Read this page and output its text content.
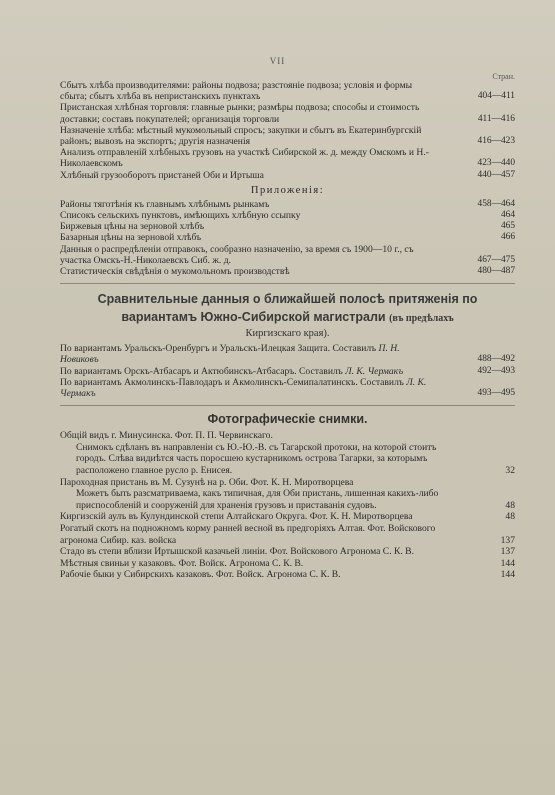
VII
Стран.
Сбытъ хлѣба производителями: районы подвоза; разстояніе подвоза; условія и формы сбыта; сбытъ хлѣба въ непристанскихъ пунктахъ	404—411
Пристанская хлѣбная торговля: главные рынки; размѣры подвоза; способы и стоимость доставки; составъ покупателей; организація торговли	411—416
Назначеніе хлѣба: мѣстный мукомольный спросъ; закупки и сбытъ въ Екатеринбургскій районъ; вывозъ на экспортъ; другія назначенія	416—423
Анализъ отправленій хлѣбныхъ грузовъ на участкѣ Сибирской ж. д. между Омскомъ и Н.-Николаевскомъ	423—440
Хлѣбный грузооборотъ пристаней Оби и Иртыша	440—457
Приложенія:
Районы тяготѣнія къ главнымъ хлѣбнымъ рынкамъ	458—464
Списокъ сельскихъ пунктовъ, имѣющихъ хлѣбную ссыпку	464
Биржевыя цѣны на зерновой хлѣбъ	465
Базарныя цѣны на зерновой хлѣбъ	466
Данныя о распредѣленіи отправокъ, сообразно назначенію, за время съ 1900—10 г., съ участка Омскъ-Н.-Николаевскъ Сиб. ж. д.	467—475
Статистическія свѣдѣнія о мукомольномъ производствѣ	480—487
Сравнительные данныя о ближайшей полосѣ притяженія по вариантамъ Южно-Сибирской магистрали (въ предѣлахъ
Киргизскаго края).
По вариантамъ Уральскъ-Оренбургъ и Уральскъ-Илецкая Защита. Составилъ П. Н. Новиковъ	488—492
По вариантамъ Орскъ-Атбасаръ и Актюбинскъ-Атбасаръ. Составилъ Л. К. Чермакъ	492—493
По вариантамъ Акмолинскъ-Павлодаръ и Акмолинскъ-Семипалатинскъ. Составилъ Л. К. Чермакъ	493—495
Фотографическіе снимки.
Общій видъ г. Минусинска. Фот. П. П. Червинскаго.
Снимокъ сдѣланъ въ направленіи съ Ю.-Ю.-В. съ Тагарской протоки, на которой стоитъ городъ. Слѣва видиѣтся часть поросшею кустарникомъ острова Тагарки, за которымъ расположено главное русло р. Енисея.	32
Пароходная пристань въ М. Сузунѣ на р. Оби. Фот. К. Н. Миротворцева
Можетъ быть разсматриваема, какъ типичная, для Оби пристань, лишенная какихъ-либо приспособленій и сооруженій для храненія грузовъ и приставанія судовъ.	48
Киргизскій аулъ въ Кулундинской степи Алтайскаго Округа. Фот. К. Н. Миротворцева	48
Рогатый скотъ на подножномъ корму ранней весной въ предгоріяхъ Алтая. Фот. Войскового агронома Сибир. каз. войска	137
Стадо въ степи вблизи Иртышской казачьей линіи. Фот. Войскового Агронома С. К. В.	137
Мѣстныя свиньи у казаковъ. Фот. Войск. Агронома С. К. В.	144
Рабочіе быки у Сибирскихъ казаковъ. Фот. Войск. Агронома С. К. В.	144
